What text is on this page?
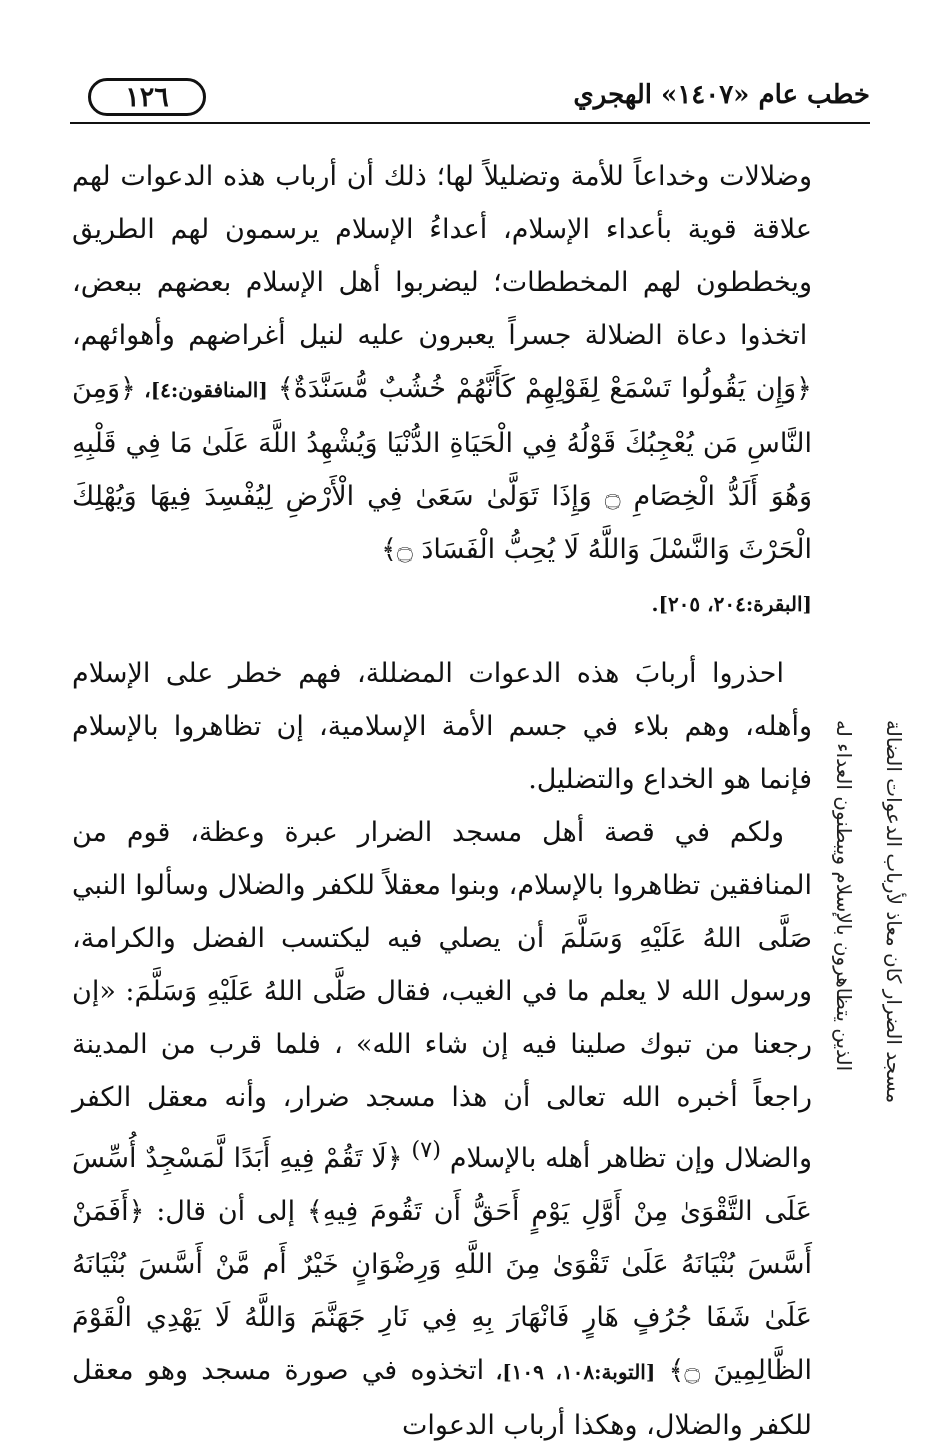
١٢٦	خطب عام «١٤٠٧» الهجري

وضلالات وخداعاً للأمة وتضليلاً لها؛ ذلك أن أرباب هذه الدعوات لهم علاقة قوية بأعداء الإسلام، أعداءُ الإسلام يرسمون لهم الطريق ويخططون لهم المخططات؛ ليضربوا أهل الإسلام بعضهم ببعض، اتخذوا دعاة الضلالة جسراً يعبرون عليه لنيل أغراضهم وأهوائهم، ﴿وَإِن يَقُولُوا تَسْمَعْ لِقَوْلِهِمْ كَأَنَّهُمْ خُشُبٌ مُّسَنَّدَةٌ﴾ [المنافقون:٤]، ﴿وَمِنَ النَّاسِ مَن يُعْجِبُكَ قَوْلُهُ فِي الْحَيَاةِ الدُّنْيَا وَيُشْهِدُ اللَّهَ عَلَىٰ مَا فِي قَلْبِهِ وَهُوَ أَلَدُّ الْخِصَامِ ۝ وَإِذَا تَوَلَّىٰ سَعَىٰ فِي الْأَرْضِ لِيُفْسِدَ فِيهَا وَيُهْلِكَ الْحَرْثَ وَالنَّسْلَ وَاللَّهُ لَا يُحِبُّ الْفَسَادَ ۝﴾

[البقرة:٢٠٤، ٢٠٥].

احذروا أربابَ هذه الدعوات المضللة، فهم خطر على الإسلام وأهله، وهم بلاء في جسم الأمة الإسلامية، إن تظاهروا بالإسلام فإنما هو الخداع والتضليل.

ولكم في قصة أهل مسجد الضرار عبرة وعظة، قوم من المنافقين تظاهروا بالإسلام، وبنوا معقلاً للكفر والضلال وسألوا النبي صَلَّى اللهُ عَلَيْهِ وَسَلَّمَ أن يصلي فيه ليكتسب الفضل والكرامة، ورسول الله لا يعلم ما في الغيب، فقال صَلَّى اللهُ عَلَيْهِ وَسَلَّمَ: «إن رجعنا من تبوك صلينا فيه إن شاء الله» ، فلما قرب من المدينة راجعاً أخبره الله تعالى أن هذا مسجد ضرار، وأنه معقل الكفر والضلال وإن تظاهر أهله بالإسلام $^{(٧)}$ ﴿لَا تَقُمْ فِيهِ أَبَدًا لَّمَسْجِدٌ أُسِّسَ عَلَى التَّقْوَىٰ مِنْ أَوَّلِ يَوْمٍ أَحَقُّ أَن تَقُومَ فِيهِ﴾ إلى أن قال: ﴿أَفَمَنْ أَسَّسَ بُنْيَانَهُ عَلَىٰ تَقْوَىٰ مِنَ اللَّهِ وَرِضْوَانٍ خَيْرٌ أَم مَّنْ أَسَّسَ بُنْيَانَهُ عَلَىٰ شَفَا جُرُفٍ هَارٍ فَانْهَارَ بِهِ فِي نَارِ جَهَنَّمَ وَاللَّهُ لَا يَهْدِي الْقَوْمَ الظَّالِمِينَ ۝﴾ [التوبة:١٠٨، ١٠٩]، اتخذوه في صورة مسجد وهو معقل للكفر والضلال، وهكذا أرباب الدعوات

مسجد الضرار كان معاذ لأرباب الدعوات الضالة
الذين يتظاهرون بالإسلام ويبطنون العداء له
